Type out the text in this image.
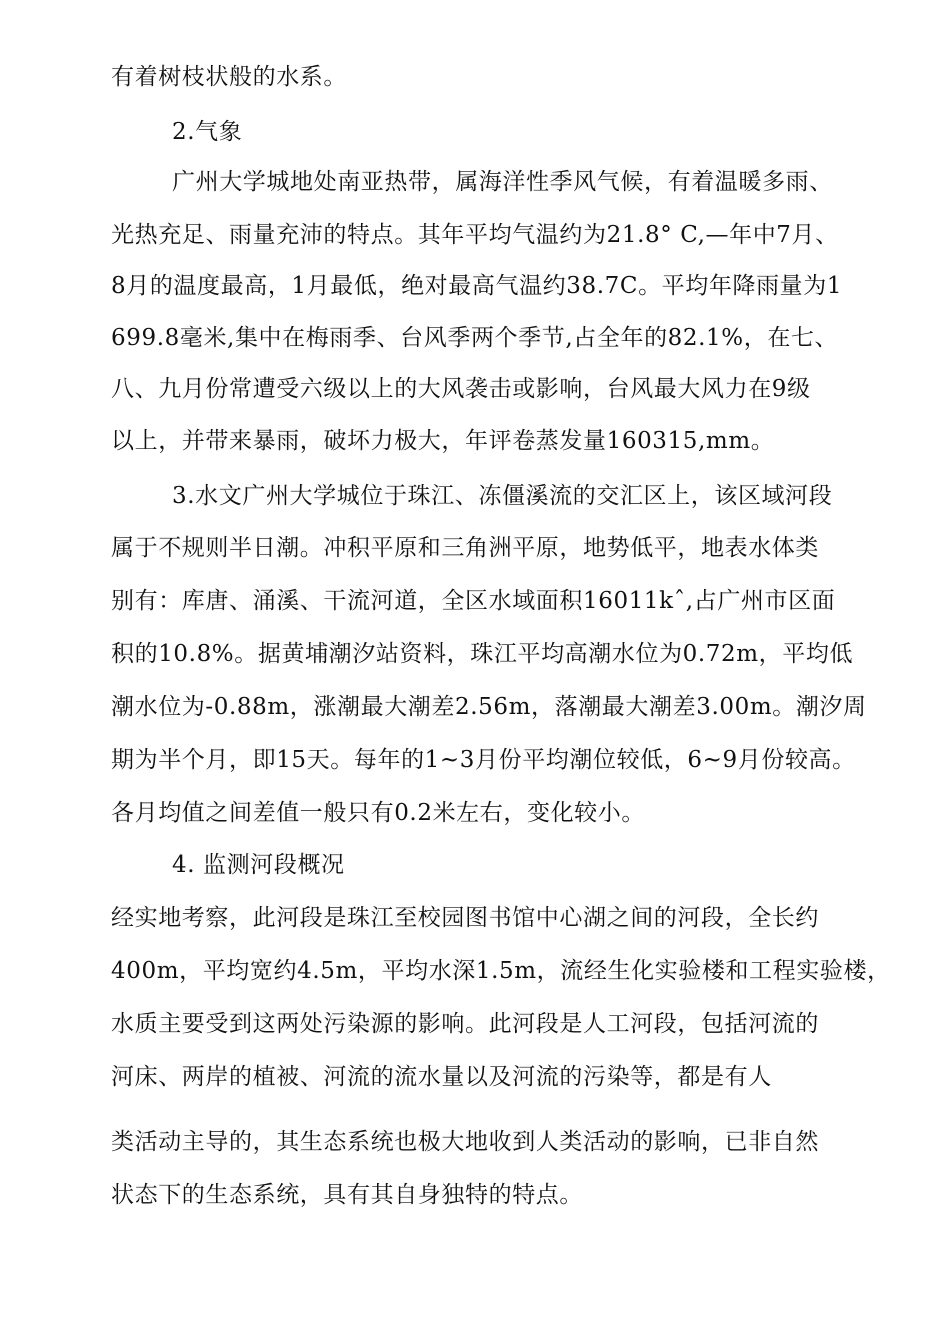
有着树枝状般的水系。
2.气象
广州大学城地处南亚热带，属海洋性季风气候，有着温暖多雨、
光热充足、雨量充沛的特点。其年平均气温约为21.8° C,—年中7月、
8月的温度最高，1月最低，绝对最高气温约38.7C。平均年降雨量为1
699.8毫米,集中在梅雨季、台风季两个季节,占全年的82.1%，在七、
八、九月份常遭受六级以上的大风袭击或影响，台风最大风力在9级
以上，并带来暴雨，破坏力极大，年评卷蒸发量160315,mm。
3.水文广州大学城位于珠江、冻僵溪流的交汇区上，该区域河段
属于不规则半日潮。冲积平原和三角洲平原，地势低平，地表水体类
别有：库唐、涌溪、干流河道，全区水域面积16011kˆ,占广州市区面
积的10.8%。据黄埔潮汐站资料，珠江平均高潮水位为0.72m，平均低
潮水位为-0.88m，涨潮最大潮差2.56m，落潮最大潮差3.00m。潮汐周
期为半个月，即15天。每年的1~3月份平均潮位较低，6~9月份较高。
各月均值之间差值一般只有0.2米左右，变化较小。
4. 监测河段概况
经实地考察，此河段是珠江至校园图书馆中心湖之间的河段，全长约
400m，平均宽约4.5m，平均水深1.5m，流经生化实验楼和工程实验楼，
水质主要受到这两处污染源的影响。此河段是人工河段，包括河流的
河床、两岸的植被、河流的流水量以及河流的污染等，都是有人
类活动主导的，其生态系统也极大地收到人类活动的影响，已非自然
状态下的生态系统，具有其自身独特的特点。
